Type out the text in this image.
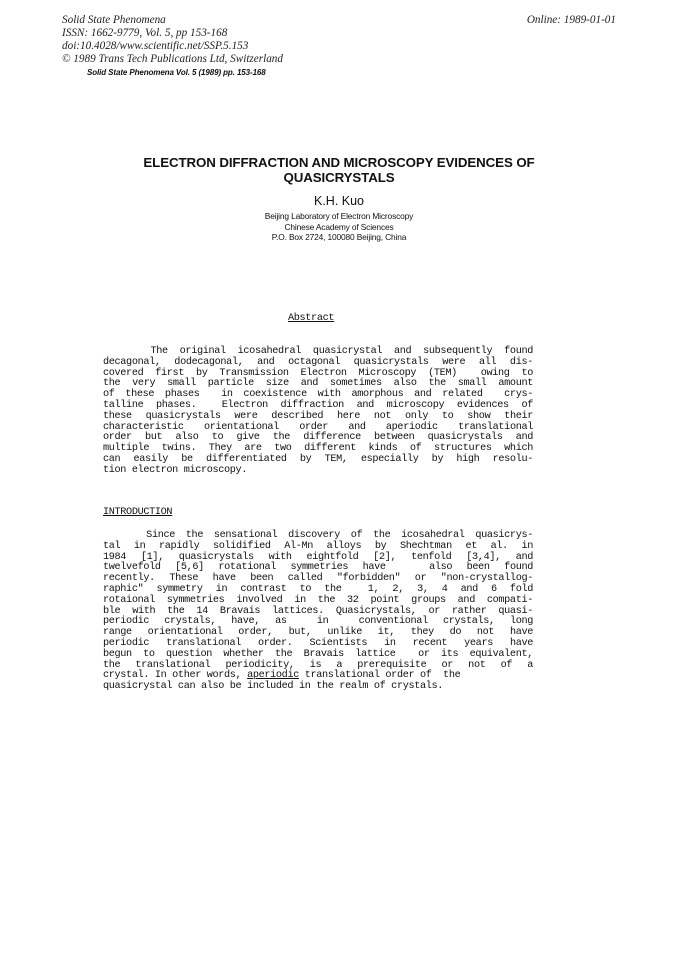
Solid State Phenomena
ISSN: 1662-9779, Vol. 5, pp 153-168
doi:10.4028/www.scientific.net/SSP.5.153
© 1989 Trans Tech Publications Ltd, Switzerland
Online: 1989-01-01
Solid State Phenomena Vol. 5 (1989) pp. 153-168
ELECTRON DIFFRACTION AND MICROSCOPY EVIDENCES OF
QUASICRYSTALS
K.H. Kuo
Beijing Laboratory of Electron Microscopy
Chinese Academy of Sciences
P.O. Box 2724, 100080 Beijing, China
Abstract
The original icosahedral quasicrystal and subsequently found
decagonal, dodecagonal, and octagonal quasicrystals were all dis-
covered first by Transmission Electron Microscopy (TEM)  owing to
the very small particle size and sometimes also the small amount
of these phases  in coexistence with amorphous and related  crys-
talline phases.  Electron diffraction and microscopy evidences of
these quasicrystals were described here not only to show their
characteristic orientational order and aperiodic translational
order but also to give the difference between quasicrystals and
multiple twins. They are two different kinds of structures which
can easily be differentiated by TEM, especially by high resolu-
tion electron microscopy.
INTRODUCTION
Since the sensational discovery of the icosahedral quasicrys-
tal in rapidly solidified Al-Mn alloys by Shechtman et al. in
1984 [1], quasicrystals with eightfold [2], tenfold [3,4], and
twelvefold [5,6] rotational symmetries have   also been found
recently. These have been called "forbidden" or "non-crystallog-
raphic" symmetry in contrast to the  1, 2, 3, 4 and 6 fold
rotaional symmetries involved in the 32 point groups and compati-
ble with the 14 Bravais lattices. Quasicrystals, or rather quasi-
periodic crystals, have, as  in  conventional crystals, long
range orientational order, but, unlike it, they do not have
periodic translational order. Scientists in recent years have
begun to question whether the Bravais lattice  or its equivalent,
the translational periodicity, is a prerequisite or not of a
crystal. In other words, aperiodic translational order of  the
quasicrystal can also be included in the realm of crystals.
